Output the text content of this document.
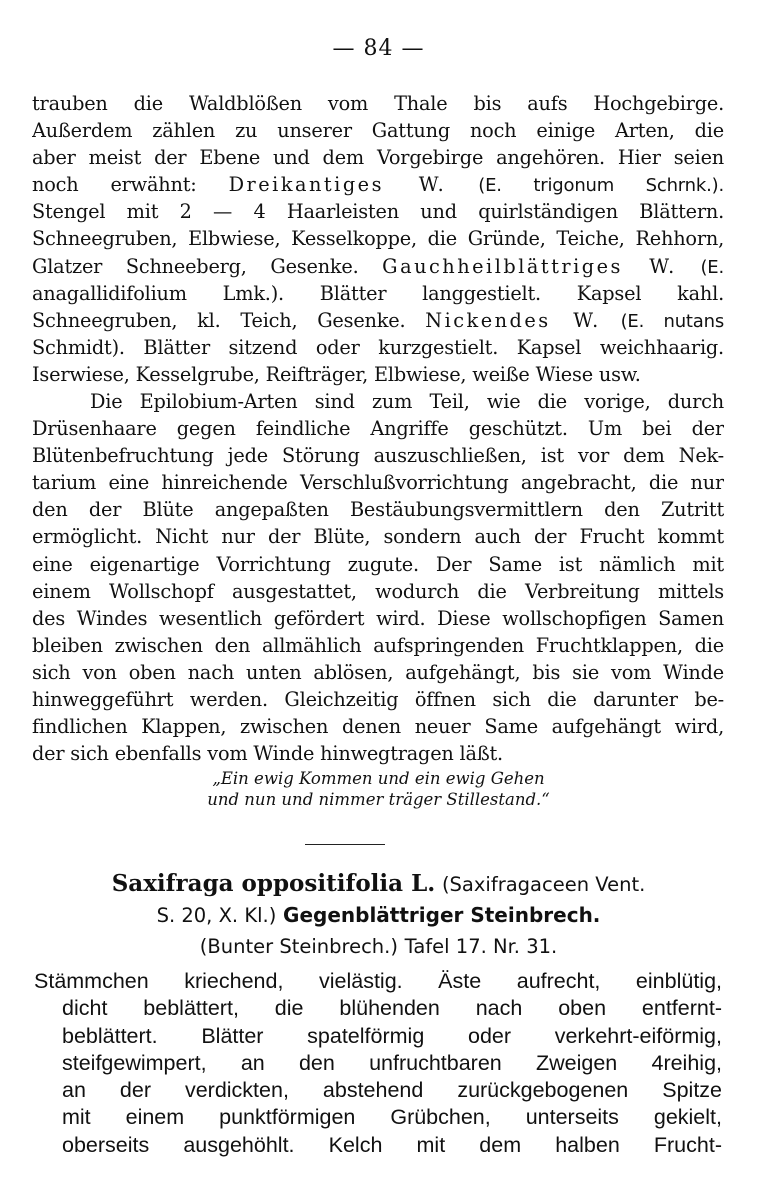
— 84 —
trauben die Waldblößen vom Thale bis aufs Hochgebirge.
Außerdem zählen zu unserer Gattung noch einige Arten, die
aber meist der Ebene und dem Vorgebirge angehören. Hier seien
noch erwähnt: Dreikantiges W. (E. trigonum Schrnk.).
Stengel mit 2 — 4 Haarleisten und quirlständigen Blättern.
Schneegruben, Elbwiese, Kesselkoppe, die Gründe, Teiche, Rehhorn,
Glatzer Schneeberg, Gesenke. Gauchheilblättriges W. (E.
anagallidifolium Lmk.). Blätter langgestielt. Kapsel kahl.
Schneegruben, kl. Teich, Gesenke. Nickendes W. (E. nutans
Schmidt). Blätter sitzend oder kurzgestielt. Kapsel weichhaarig.
Iserwiese, Kesselgrube, Reifträger, Elbwiese, weiße Wiese usw.
Die Epilobium-Arten sind zum Teil, wie die vorige, durch
Drüsenhaare gegen feindliche Angriffe geschützt. Um bei der
Blütenbefruchtung jede Störung auszuschließen, ist vor dem Nek-
tarium eine hinreichende Verschlußvorrichtung angebracht, die nur
den der Blüte angepaßten Bestäubungsvermittlern den Zutritt
ermöglicht. Nicht nur der Blüte, sondern auch der Frucht kommt
eine eigenartige Vorrichtung zugute. Der Same ist nämlich mit
einem Wollschopf ausgestattet, wodurch die Verbreitung mittels
des Windes wesentlich gefördert wird. Diese wollschopfigen Samen
bleiben zwischen den allmählich aufspringenden Fruchtklappen, die
sich von oben nach unten ablösen, aufgehängt, bis sie vom Winde
hinweggeführt werden. Gleichzeitig öffnen sich die darunter be-
findlichen Klappen, zwischen denen neuer Same aufgehängt wird,
der sich ebenfalls vom Winde hinwegtragen läßt.
„Ein ewig Kommen und ein ewig Gehen
und nun und nimmer träger Stillestand.“
Saxifraga oppositifolia L. (Saxifragaceen Vent.
S. 20, X. Kl.) Gegenblättriger Steinbrech.
(Bunter Steinbrech.) Tafel 17. Nr. 31.
Stämmchen kriechend, vielästig. Äste aufrecht, einblütig,
dicht beblättert, die blühenden nach oben entfernt-
beblättert. Blätter spatelförmig oder verkehrt-eiförmig,
steifgewimpert, an den unfruchtbaren Zweigen 4reihig,
an der verdickten, abstehend zurückgebogenen Spitze
mit einem punktförmigen Grübchen, unterseits gekielt,
oberseits ausgehöhlt. Kelch mit dem halben Frucht-
